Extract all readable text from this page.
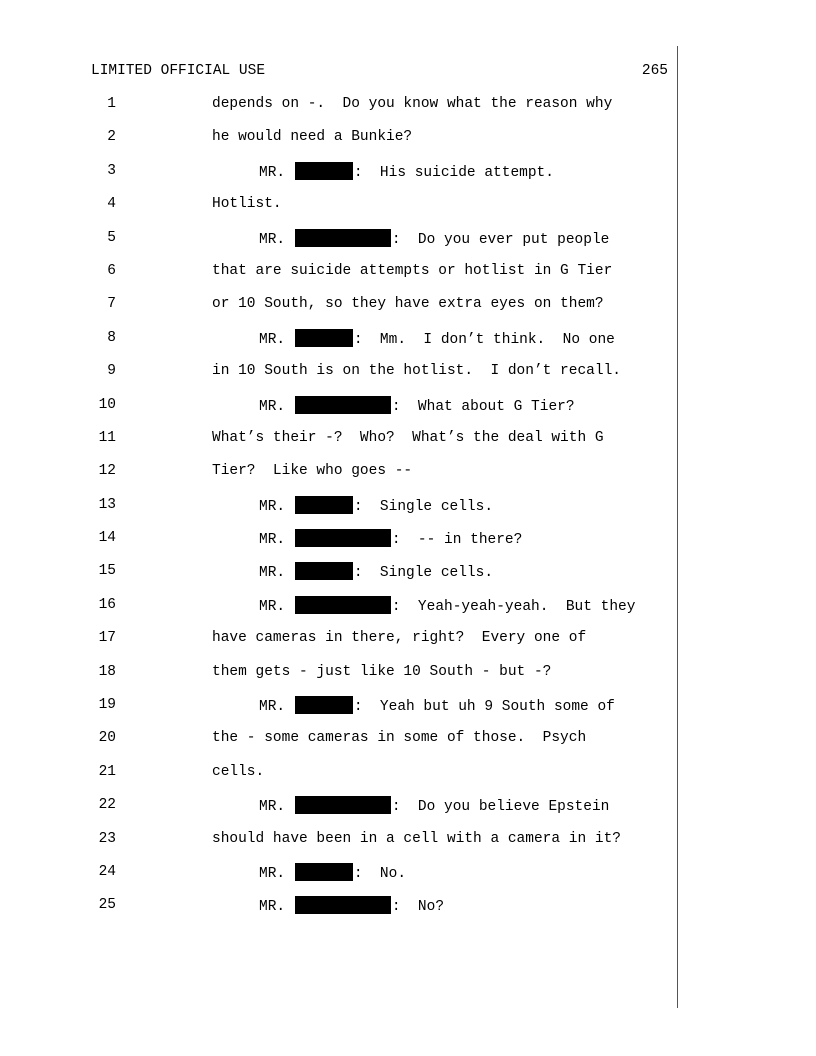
LIMITED OFFICIAL USE	265
1	depends on -.  Do you know what the reason why
2	he would need a Bunkie?
3	MR.	:  His suicide attempt.
4	Hotlist.
5	MR.	:  Do you ever put people
6	that are suicide attempts or hotlist in G Tier
7	or 10 South, so they have extra eyes on them?
8	MR.	:  Mm.  I don’t think.  No one
9	in 10 South is on the hotlist.  I don’t recall.
10	MR.	:  What about G Tier?
11	What’s their -?  Who?  What’s the deal with G
12	Tier?  Like who goes --
13	MR.	:  Single cells.
14	MR.	:  -- in there?
15	MR.	:  Single cells.
16	MR.	:  Yeah-yeah-yeah.  But they
17	have cameras in there, right?  Every one of
18	them gets - just like 10 South - but -?
19	MR.	:  Yeah but uh 9 South some of
20	the - some cameras in some of those.  Psych
21	cells.
22	MR.	:  Do you believe Epstein
23	should have been in a cell with a camera in it?
24	MR.	:  No.
25	MR.	:  No?
